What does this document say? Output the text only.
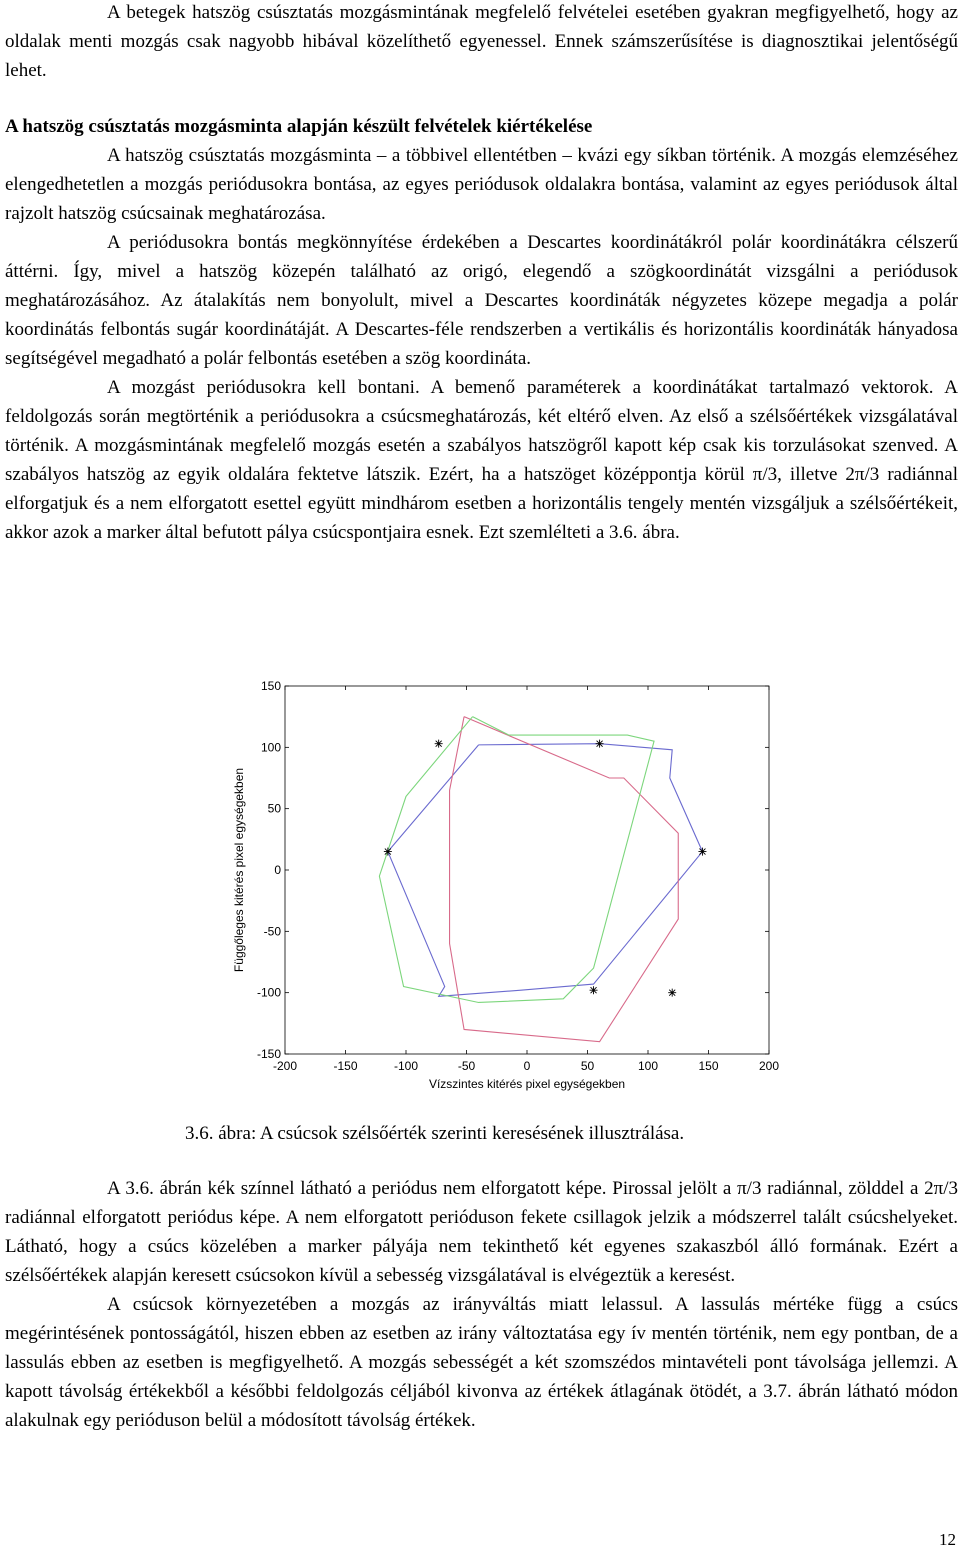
A betegek hatszög csúsztatás mozgásmintának megfelelő felvételei esetében gyakran megfigyelhető, hogy az oldalak menti mozgás csak nagyobb hibával közelíthető egyenessel. Ennek számszerűsítése is diagnosztikai jelentőségű lehet.

A hatszög csúsztatás mozgásminta alapján készült felvételek kiértékelése

A hatszög csúsztatás mozgásminta – a többivel ellentétben – kvázi egy síkban történik. A mozgás elemzéséhez elengedhetetlen a mozgás periódusokra bontása, az egyes periódusok oldalakra bontása, valamint az egyes periódusok által rajzolt hatszög csúcsainak meghatározása.

A periódusokra bontás megkönnyítése érdekében a Descartes koordinátákról polár koordinátákra célszerű áttérni. Így, mivel a hatszög közepén található az origó, elegendő a szögkoordinátát vizsgálni a periódusok meghatározásához. Az átalakítás nem bonyolult, mivel a Descartes koordináták négyzetes közepe megadja a polár koordinátás felbontás sugár koordinátáját. A Descartes-féle rendszerben a vertikális és horizontális koordináták hányadosa segítségével megadható a polár felbontás esetében a szög koordináta.

A mozgást periódusokra kell bontani. A bemenő paraméterek a koordinátákat tartalmazó vektorok. A feldolgozás során megtörténik a periódusokra a csúcsmeghatározás, két eltérő elven. Az első a szélsőértékek vizsgálatával történik. A mozgásmintának megfelelő mozgás esetén a szabályos hatszögről kapott kép csak kis torzulásokat szenved. A szabályos hatszög az egyik oldalára fektetve látszik. Ezért, ha a hatszöget középpontja körül π/3, illetve 2π/3 radiánnal elforgatjuk és a nem elforgatott esettel együtt mindhárom esetben a horizontális tengely mentén vizsgáljuk a szélsőértékeit, akkor azok a marker által befutott pálya csúcspontjaira esnek. Ezt szemlélteti a 3.6. ábra.

3.6. ábra: A csúcsok szélsőérték szerinti keresésének illusztrálása.

A 3.6. ábrán kék színnel látható a periódus nem elforgatott képe. Pirossal jelölt a π/3 radiánnal, zölddel a 2π/3 radiánnal elforgatott periódus képe. A nem elforgatott perióduson fekete csillagok jelzik a módszerrel talált csúcshelyeket. Látható, hogy a csúcs közelében a marker pályája nem tekinthető két egyenes szakaszból álló formának. Ezért a szélsőértékek alapján keresett csúcsokon kívül a sebesség vizsgálatával is elvégeztük a keresést.

A csúcsok környezetében a mozgás az irányváltás miatt lelassul. A lassulás mértéke függ a csúcs megérintésének pontosságától, hiszen ebben az esetben az irány változtatása egy ív mentén történik, nem egy pontban, de a lassulás ebben az esetben is megfigyelhető. A mozgás sebességét a két szomszédos mintavételi pont távolsága jellemzi. A kapott távolság értékekből a későbbi feldolgozás céljából kivonva az értékek átlagának ötödét, a 3.7. ábrán látható módon alakulnak egy perióduson belül a módosított távolság értékek.

12
-200	-150	-100	-50	0	50	100	150	200
150
100
50
0
-50
-100
-150
Vízszintes kitérés pixel egységekben
Függőleges kitérés pixel egységekben
